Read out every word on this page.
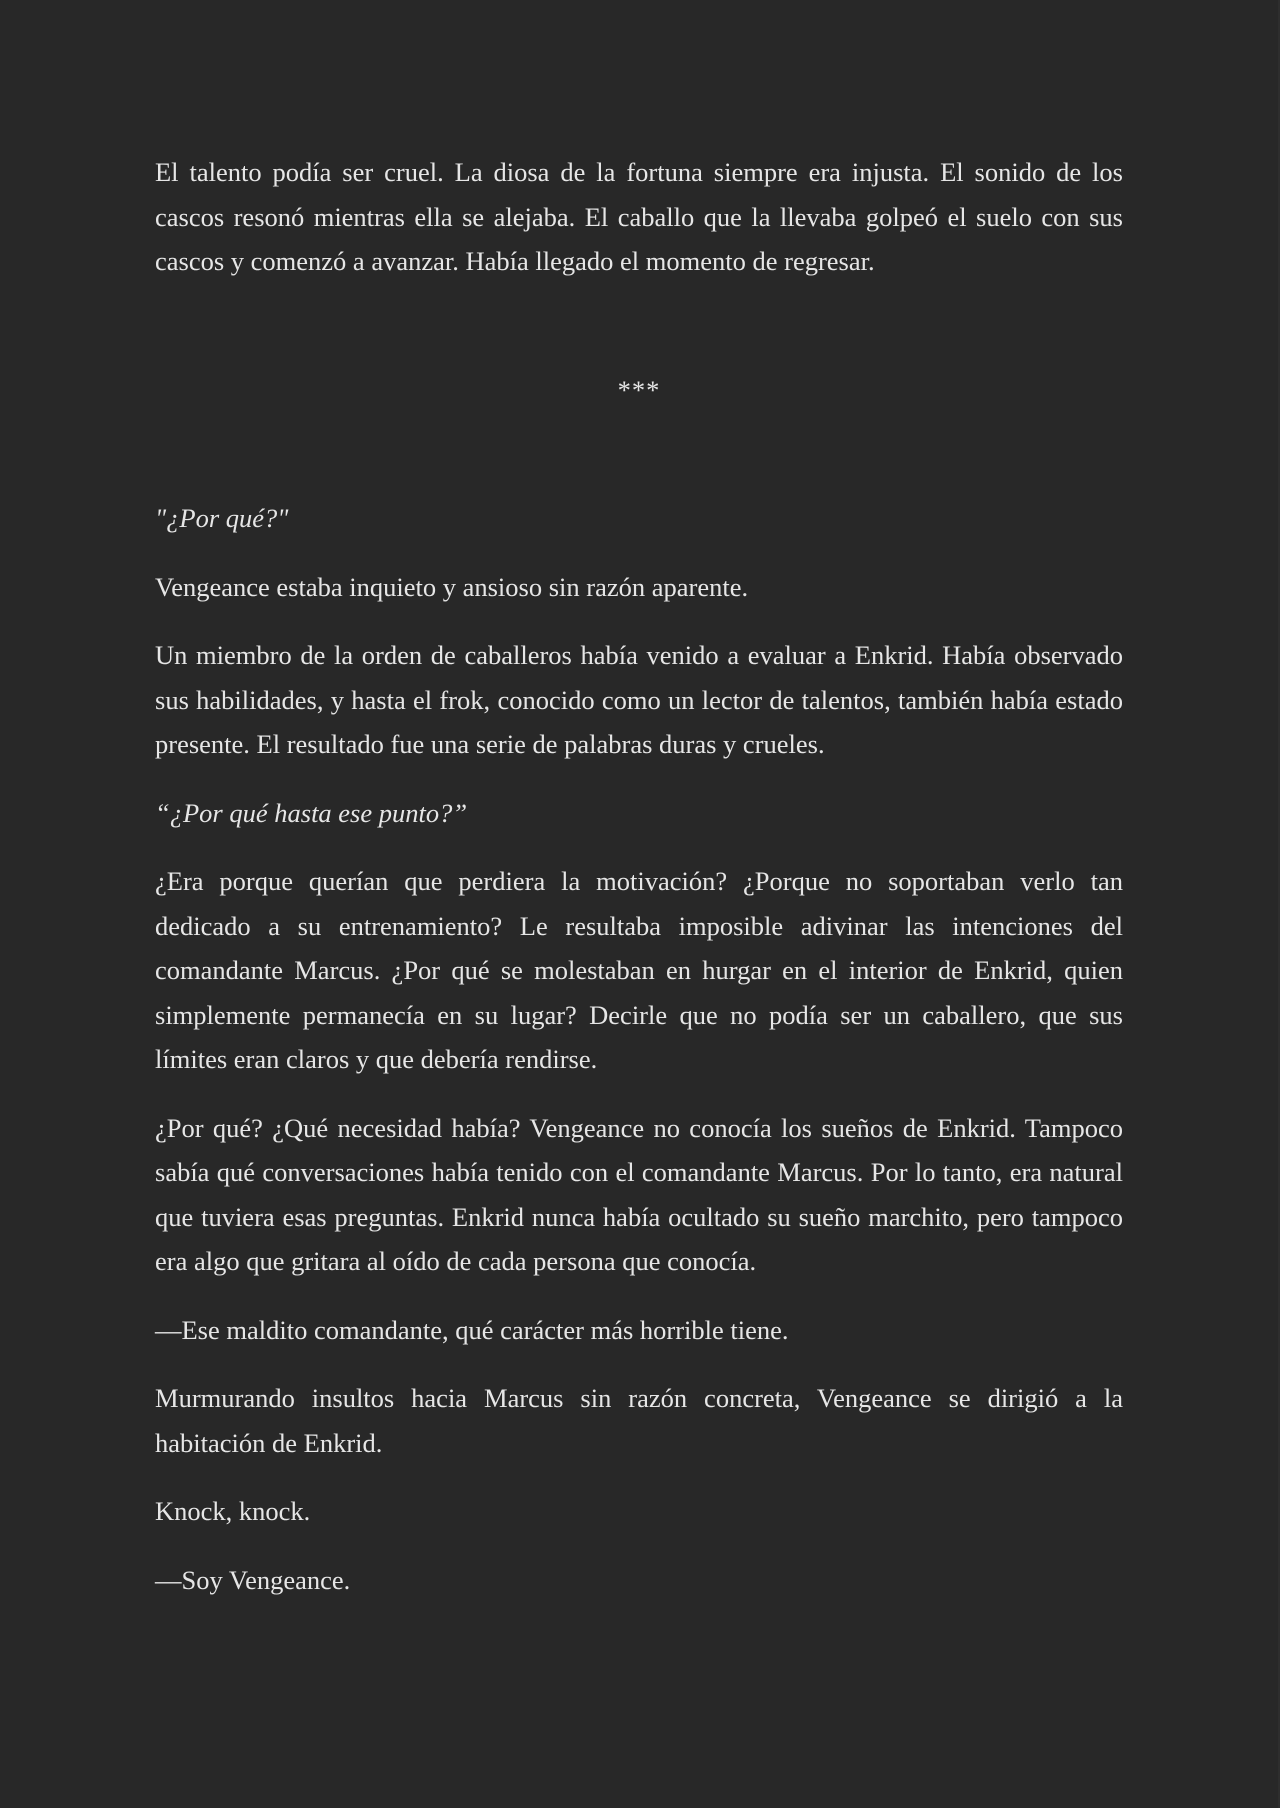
El talento podía ser cruel. La diosa de la fortuna siempre era injusta. El sonido de los cascos resonó mientras ella se alejaba. El caballo que la llevaba golpeó el suelo con sus cascos y comenzó a avanzar. Había llegado el momento de regresar.

***

"¿Por qué?"

Vengeance estaba inquieto y ansioso sin razón aparente.

Un miembro de la orden de caballeros había venido a evaluar a Enkrid. Había observado sus habilidades, y hasta el frok, conocido como un lector de talentos, también había estado presente. El resultado fue una serie de palabras duras y crueles.

“¿Por qué hasta ese punto?”

¿Era porque querían que perdiera la motivación? ¿Porque no soportaban verlo tan dedicado a su entrenamiento? Le resultaba imposible adivinar las intenciones del comandante Marcus. ¿Por qué se molestaban en hurgar en el interior de Enkrid, quien simplemente permanecía en su lugar? Decirle que no podía ser un caballero, que sus límites eran claros y que debería rendirse.

¿Por qué? ¿Qué necesidad había? Vengeance no conocía los sueños de Enkrid. Tampoco sabía qué conversaciones había tenido con el comandante Marcus. Por lo tanto, era natural que tuviera esas preguntas. Enkrid nunca había ocultado su sueño marchito, pero tampoco era algo que gritara al oído de cada persona que conocía.

—Ese maldito comandante, qué carácter más horrible tiene.

Murmurando insultos hacia Marcus sin razón concreta, Vengeance se dirigió a la habitación de Enkrid.

Knock, knock.

—Soy Vengeance.
